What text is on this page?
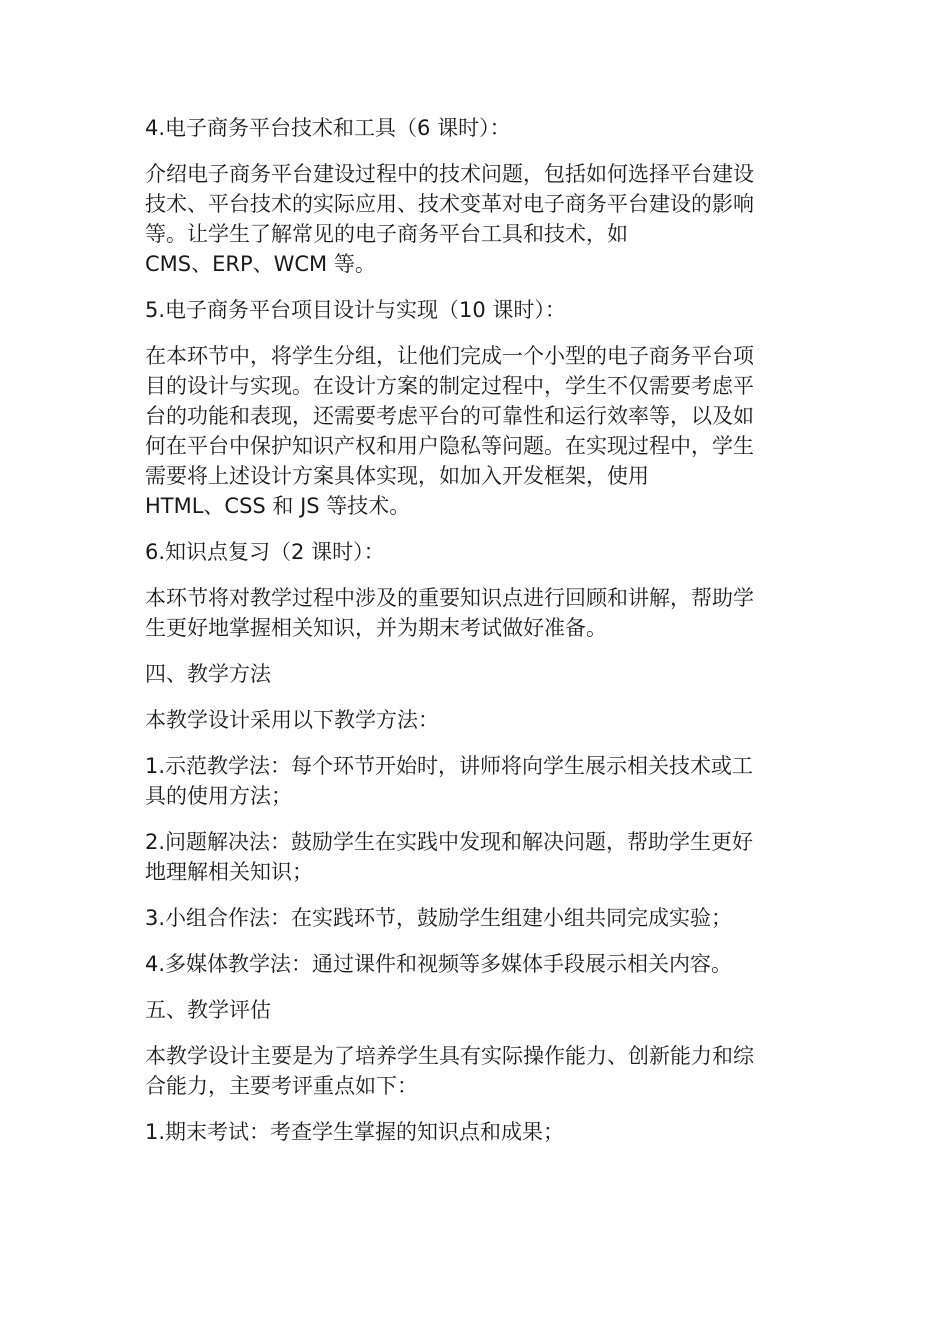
4.电子商务平台技术和工具（6 课时）：

介绍电子商务平台建设过程中的技术问题，包括如何选择平台建设
技术、平台技术的实际应用、技术变革对电子商务平台建设的影响
等。让学生了解常见的电子商务平台工具和技术，如
CMS、ERP、WCM 等。

5.电子商务平台项目设计与实现（10 课时）：

在本环节中，将学生分组，让他们完成一个小型的电子商务平台项
目的设计与实现。在设计方案的制定过程中，学生不仅需要考虑平
台的功能和表现，还需要考虑平台的可靠性和运行效率等，以及如
何在平台中保护知识产权和用户隐私等问题。在实现过程中，学生
需要将上述设计方案具体实现，如加入开发框架，使用
HTML、CSS 和 JS 等技术。

6.知识点复习（2 课时）：

本环节将对教学过程中涉及的重要知识点进行回顾和讲解，帮助学
生更好地掌握相关知识，并为期末考试做好准备。

四、教学方法

本教学设计采用以下教学方法：

1.示范教学法：每个环节开始时，讲师将向学生展示相关技术或工
具的使用方法；

2.问题解决法：鼓励学生在实践中发现和解决问题，帮助学生更好
地理解相关知识；

3.小组合作法：在实践环节，鼓励学生组建小组共同完成实验；

4.多媒体教学法：通过课件和视频等多媒体手段展示相关内容。

五、教学评估

本教学设计主要是为了培养学生具有实际操作能力、创新能力和综
合能力，主要考评重点如下：

1.期末考试：考查学生掌握的知识点和成果；
